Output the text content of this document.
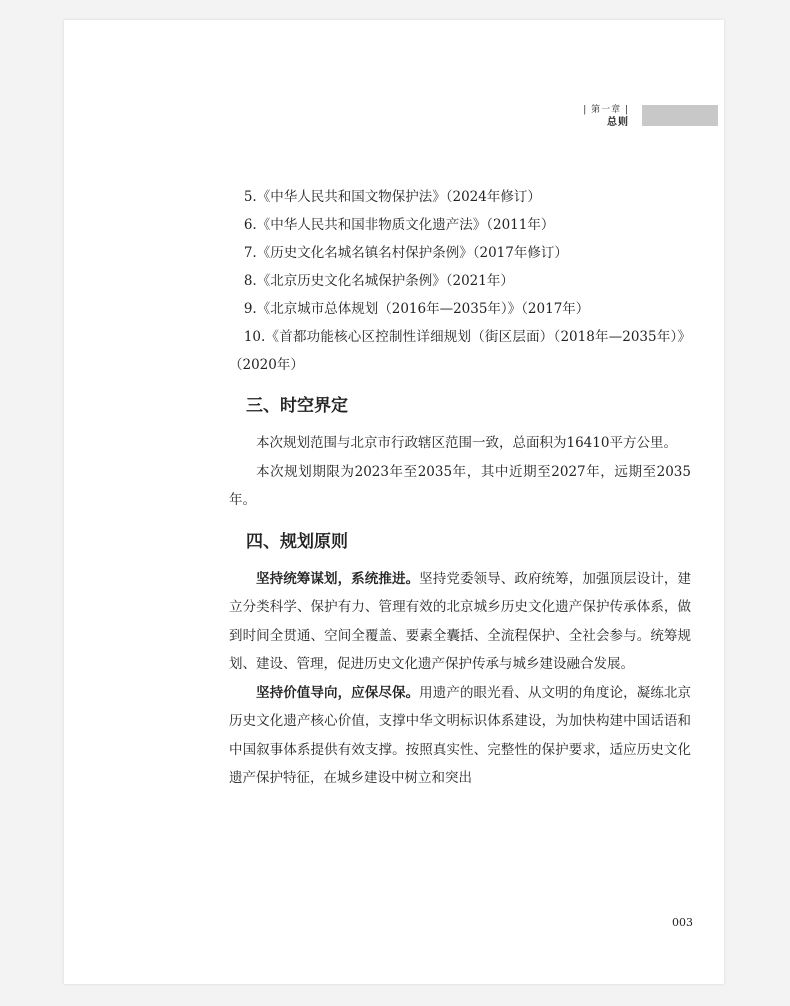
| 第一章 |
总则

5.《中华人民共和国文物保护法》（2024年修订）

6.《中华人民共和国非物质文化遗产法》（2011年）

7.《历史文化名城名镇名村保护条例》（2017年修订）

8.《北京历史文化名城保护条例》（2021年）

9.《北京城市总体规划（2016年—2035年）》（2017年）

10.《首都功能核心区控制性详细规划（街区层面）（2018年—2035年）》（2020年）

三、时空界定

本次规划范围与北京市行政辖区范围一致，总面积为16410平方公里。

本次规划期限为2023年至2035年，其中近期至2027年，远期至2035年。

四、规划原则

坚持统筹谋划，系统推进。坚持党委领导、政府统筹，加强顶层设计，建立分类科学、保护有力、管理有效的北京城乡历史文化遗产保护传承体系，做到时间全贯通、空间全覆盖、要素全囊括、全流程保护、全社会参与。统筹规划、建设、管理，促进历史文化遗产保护传承与城乡建设融合发展。

坚持价值导向，应保尽保。用遗产的眼光看、从文明的角度论，凝练北京历史文化遗产核心价值，支撑中华文明标识体系建设，为加快构建中国话语和中国叙事体系提供有效支撑。按照真实性、完整性的保护要求，适应历史文化遗产保护特征，在城乡建设中树立和突出

003
